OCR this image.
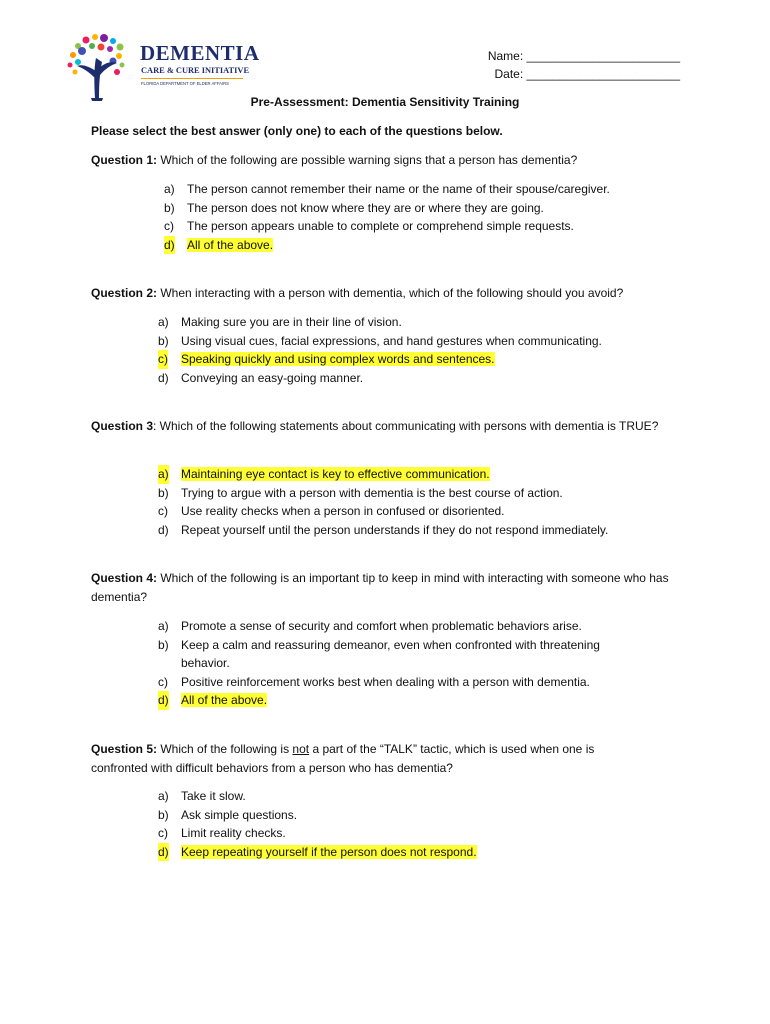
DEMENTIA
CARE & CURE INITIATIVE
FLORIDA DEPARTMENT OF ELDER AFFAIRS
Name: _______________________
Date: _______________________
Pre-Assessment: Dementia Sensitivity Training
Please select the best answer (only one) to each of the questions below.
Question 1: Which of the following are possible warning signs that a person has dementia?
a) The person cannot remember their name or the name of their spouse/caregiver.
b) The person does not know where they are or where they are going.
c) The person appears unable to complete or comprehend simple requests.
d) All of the above.
Question 2: When interacting with a person with dementia, which of the following should you avoid?
a) Making sure you are in their line of vision.
b) Using visual cues, facial expressions, and hand gestures when communicating.
c) Speaking quickly and using complex words and sentences.
d) Conveying an easy-going manner.
Question 3: Which of the following statements about communicating with persons with dementia is TRUE?
a) Maintaining eye contact is key to effective communication.
b) Trying to argue with a person with dementia is the best course of action.
c) Use reality checks when a person in confused or disoriented.
d) Repeat yourself until the person understands if they do not respond immediately.
Question 4: Which of the following is an important tip to keep in mind with interacting with someone who has dementia?
a) Promote a sense of security and comfort when problematic behaviors arise.
b) Keep a calm and reassuring demeanor, even when confronted with threatening behavior.
c) Positive reinforcement works best when dealing with a person with dementia.
d) All of the above.
Question 5: Which of the following is not a part of the “TALK” tactic, which is used when one is confronted with difficult behaviors from a person who has dementia?
a) Take it slow.
b) Ask simple questions.
c) Limit reality checks.
d) Keep repeating yourself if the person does not respond.
